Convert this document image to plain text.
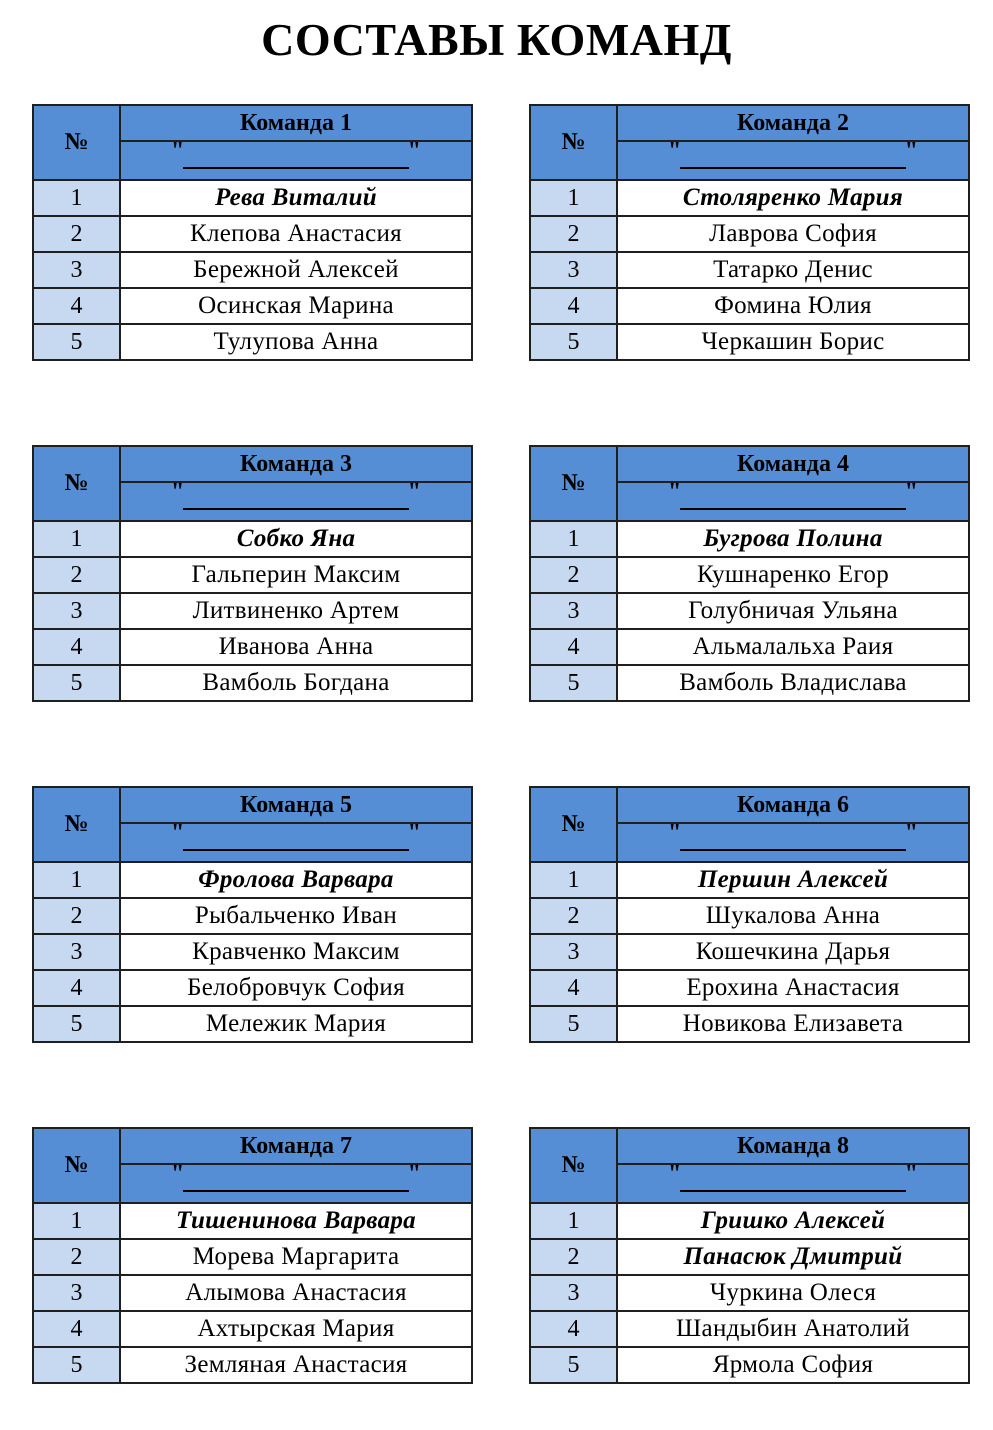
СОСТАВЫ КОМАНД
№	Команда 1

	" "

1	Рева Виталий
2	Клепова Анастасия
3	Бережной Алексей
4	Осинская Марина
5	Тулупова Анна
№	Команда 2

	" "

1	Столяренко Мария
2	Лаврова София
3	Татарко Денис
4	Фомина Юлия
5	Черкашин Борис
№	Команда 3

	" "

1	Собко Яна
2	Гальперин Максим
3	Литвиненко Артем
4	Иванова Анна
5	Вамболь Богдана
№	Команда 4

	" "

1	Бугрова Полина
2	Кушнаренко Егор
3	Голубничая Ульяна
4	Альмалальха Раия
5	Вамболь Владислава
№	Команда 5

	" "

1	Фролова Варвара
2	Рыбальченко Иван
3	Кравченко Максим
4	Белобровчук София
5	Мележик Мария
№	Команда 6

	" "

1	Першин Алексей
2	Шукалова Анна
3	Кошечкина Дарья
4	Ерохина Анастасия
5	Новикова Елизавета
№	Команда 7

	" "

1	Тишенинова Варвара
2	Морева Маргарита
3	Алымова Анастасия
4	Ахтырская Мария
5	Земляная Анастасия
№	Команда 8

	" "

1	Гришко Алексей
2	Панасюк Дмитрий
3	Чуркина Олеся
4	Шандыбин Анатолий
5	Ярмола София
